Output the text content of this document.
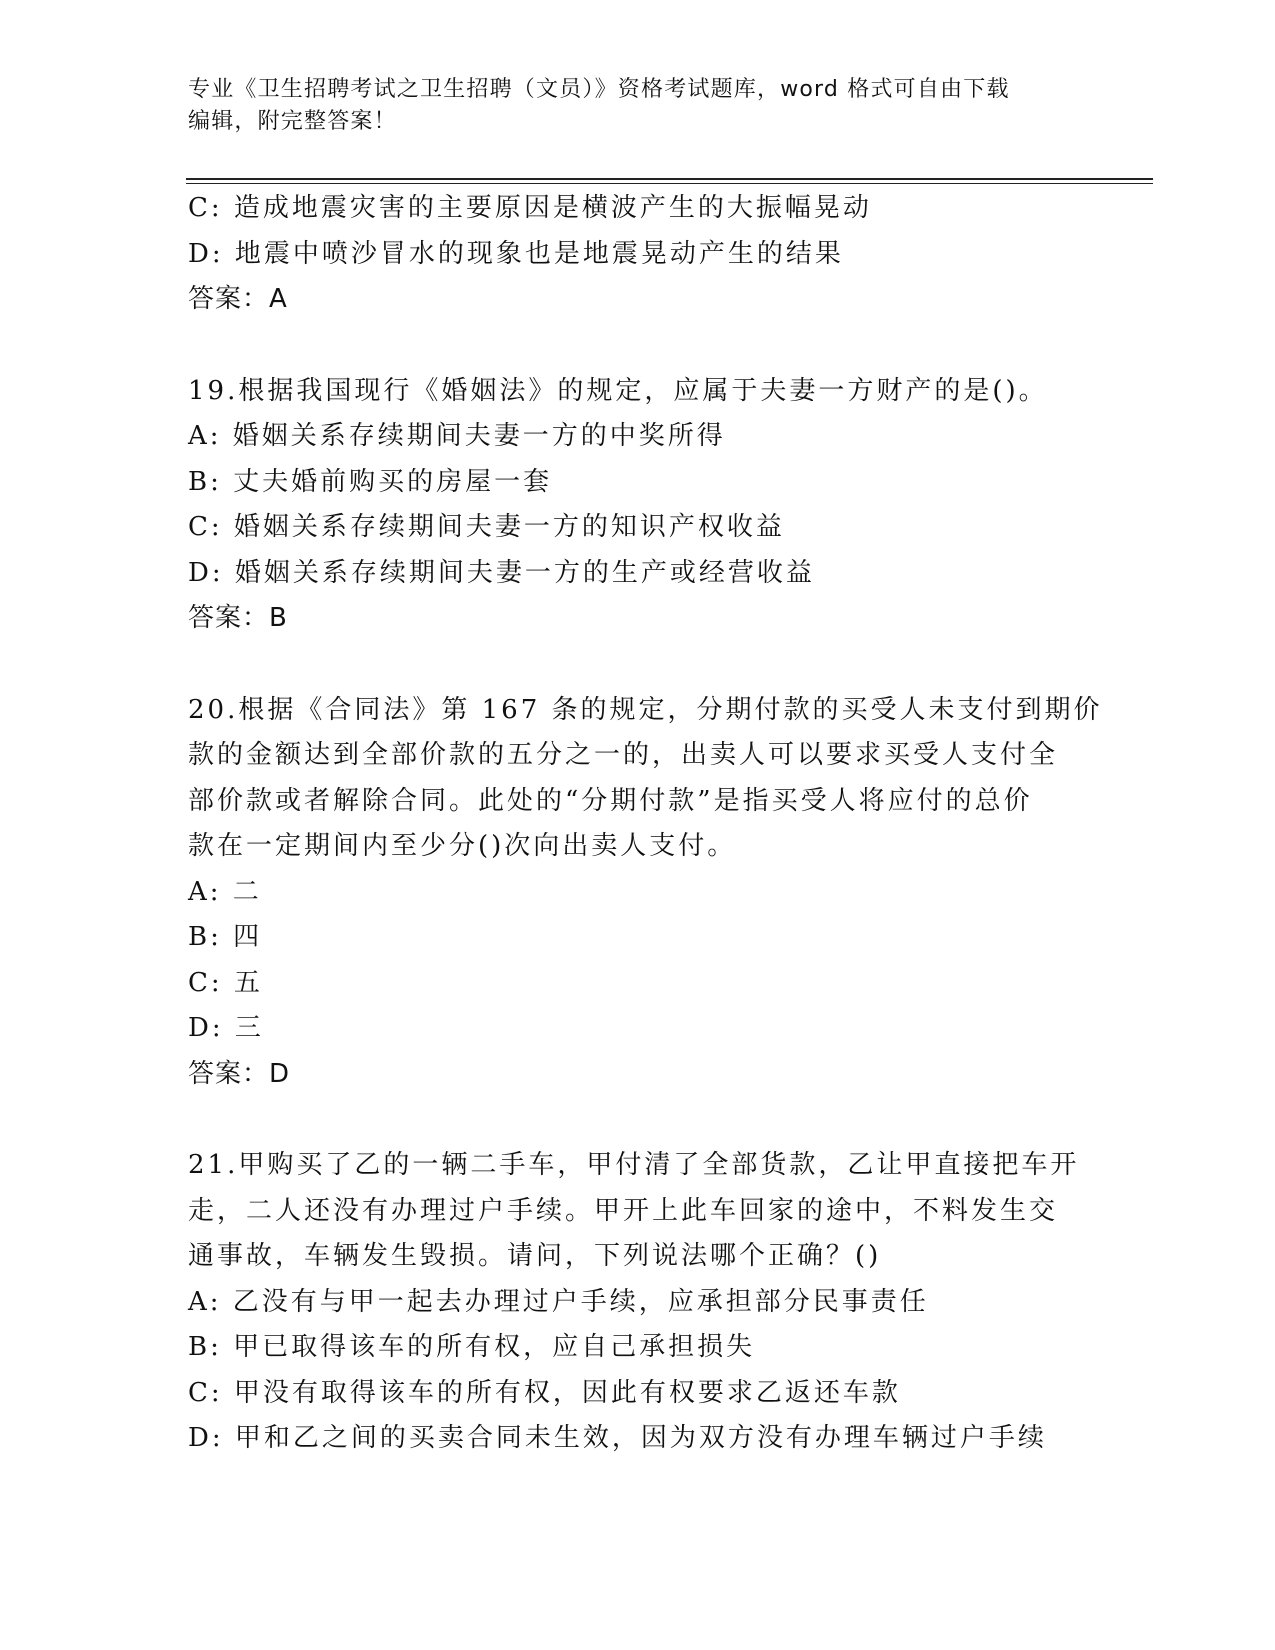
专业《卫生招聘考试之卫生招聘（文员）》资格考试题库，word 格式可自由下载
编辑，附完整答案！
C: 造成地震灾害的主要原因是横波产生的大振幅晃动
D: 地震中喷沙冒水的现象也是地震晃动产生的结果
答案：A
19.根据我国现行《婚姻法》的规定，应属于夫妻一方财产的是()。
A: 婚姻关系存续期间夫妻一方的中奖所得
B: 丈夫婚前购买的房屋一套
C: 婚姻关系存续期间夫妻一方的知识产权收益
D: 婚姻关系存续期间夫妻一方的生产或经营收益
答案：B
20.根据《合同法》第 167 条的规定，分期付款的买受人未支付到期价
款的金额达到全部价款的五分之一的，出卖人可以要求买受人支付全
部价款或者解除合同。此处的“分期付款”是指买受人将应付的总价
款在一定期间内至少分()次向出卖人支付。
A: 二
B: 四
C: 五
D: 三
答案：D
21.甲购买了乙的一辆二手车，甲付清了全部货款，乙让甲直接把车开
走，二人还没有办理过户手续。甲开上此车回家的途中，不料发生交
通事故，车辆发生毁损。请问，下列说法哪个正确？()
A: 乙没有与甲一起去办理过户手续，应承担部分民事责任
B: 甲已取得该车的所有权，应自己承担损失
C: 甲没有取得该车的所有权，因此有权要求乙返还车款
D: 甲和乙之间的买卖合同未生效，因为双方没有办理车辆过户手续
